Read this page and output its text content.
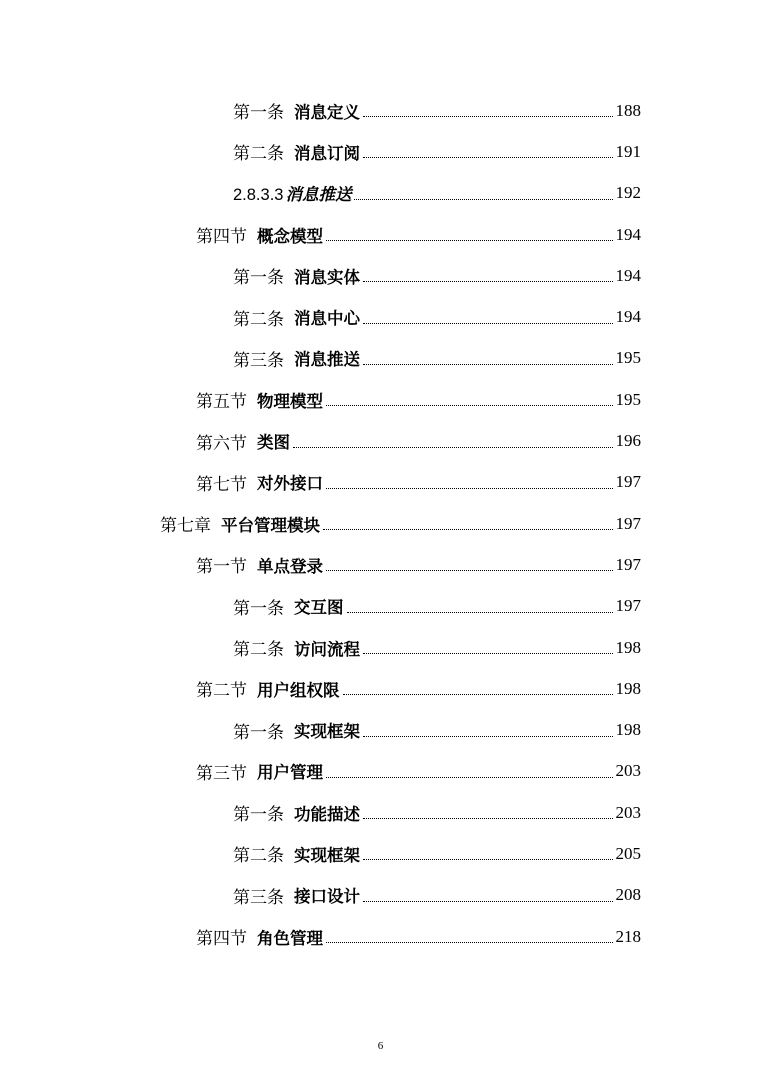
第一条 消息定义	188
第二条 消息订阅	191
2.8.3.3 消息推送	192
第四节 概念模型	194
第一条 消息实体	194
第二条 消息中心	194
第三条 消息推送	195
第五节 物理模型	195
第六节 类图	196
第七节 对外接口	197
第七章 平台管理模块	197
第一节 单点登录	197
第一条 交互图	197
第二条 访问流程	198
第二节 用户组权限	198
第一条 实现框架	198
第三节 用户管理	203
第一条 功能描述	203
第二条 实现框架	205
第三条 接口设计	208
第四节 角色管理	218
6
